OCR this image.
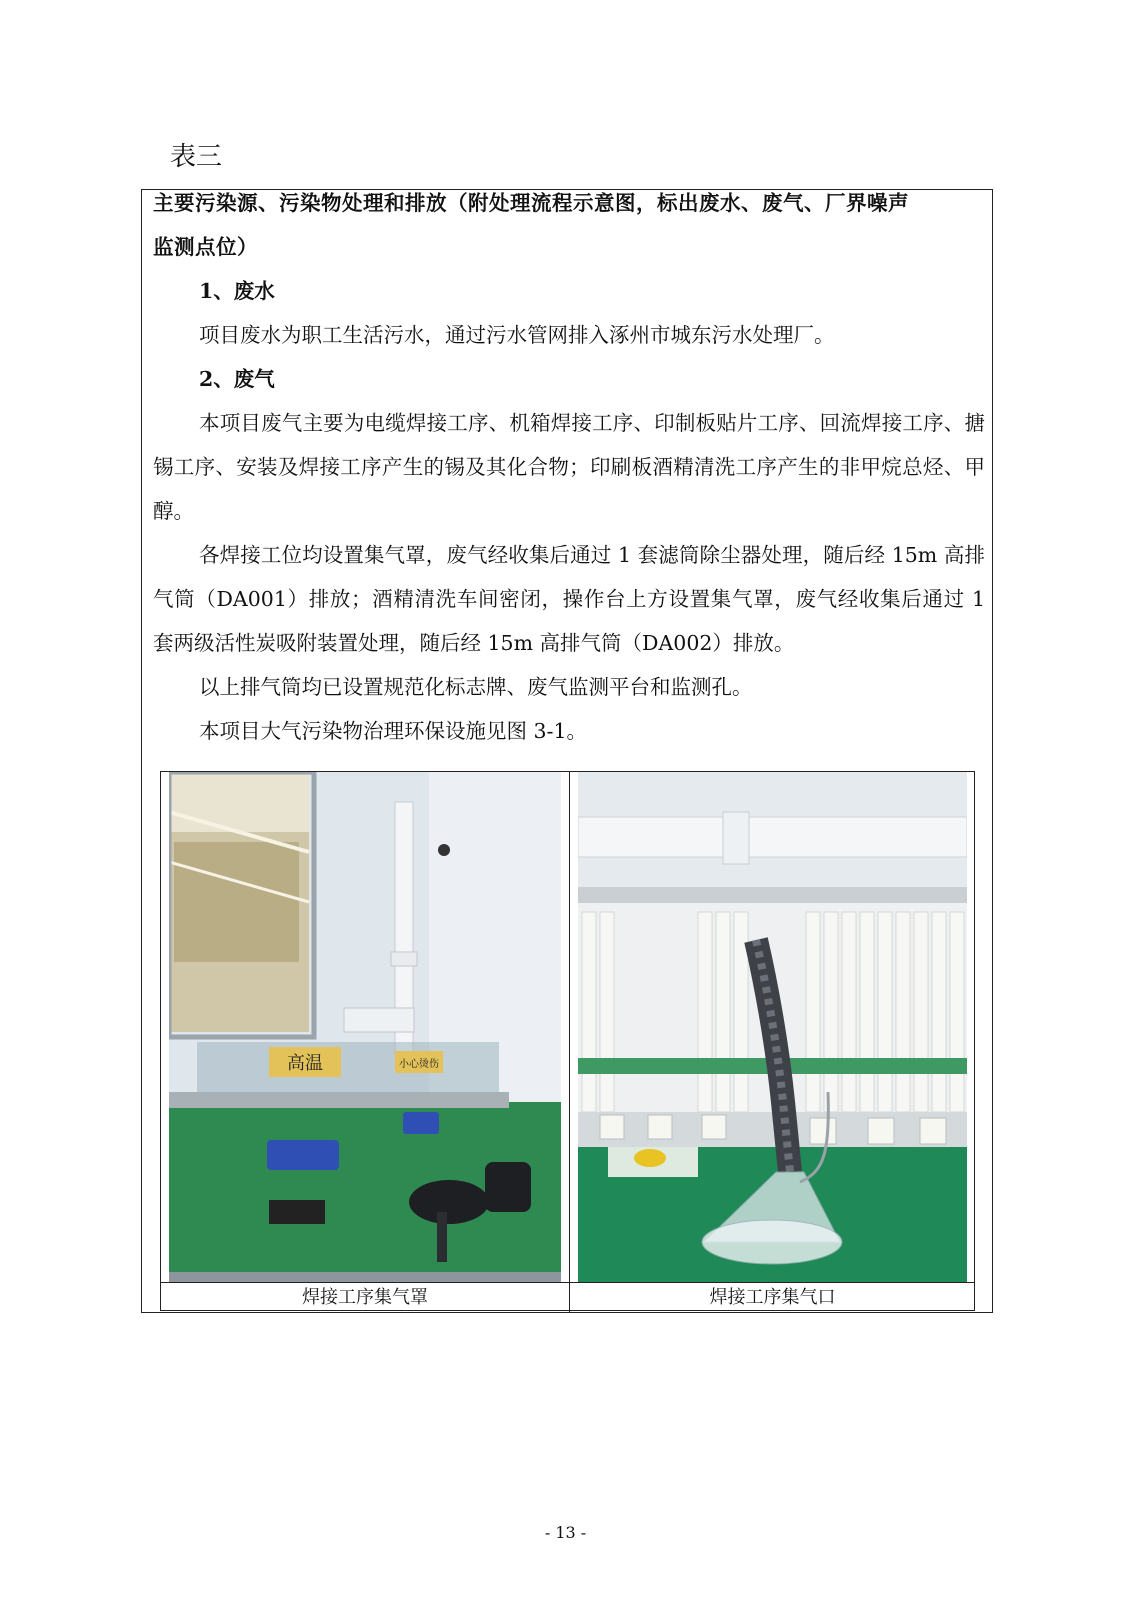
表三
主要污染源、污染物处理和排放（附处理流程示意图，标出废水、废气、厂界噪声
监测点位）
1、废水
项目废水为职工生活污水，通过污水管网排入涿州市城东污水处理厂。
2、废气
本项目废气主要为电缆焊接工序、机箱焊接工序、印制板贴片工序、回流焊接工序、搪锡工序、安装及焊接工序产生的锡及其化合物；印刷板酒精清洗工序产生的非甲烷总烃、甲醇。
各焊接工位均设置集气罩，废气经收集后通过 1 套滤筒除尘器处理，随后经 15m 高排气筒（DA001）排放；酒精清洗车间密闭，操作台上方设置集气罩，废气经收集后通过 1 套两级活性炭吸附装置处理，随后经 15m 高排气筒（DA002）排放。
以上排气筒均已设置规范化标志牌、废气监测平台和监测孔。
本项目大气污染物治理环保设施见图 3-1。
高温	小心烫伤
焊接工序集气罩	焊接工序集气口
- 13 -
